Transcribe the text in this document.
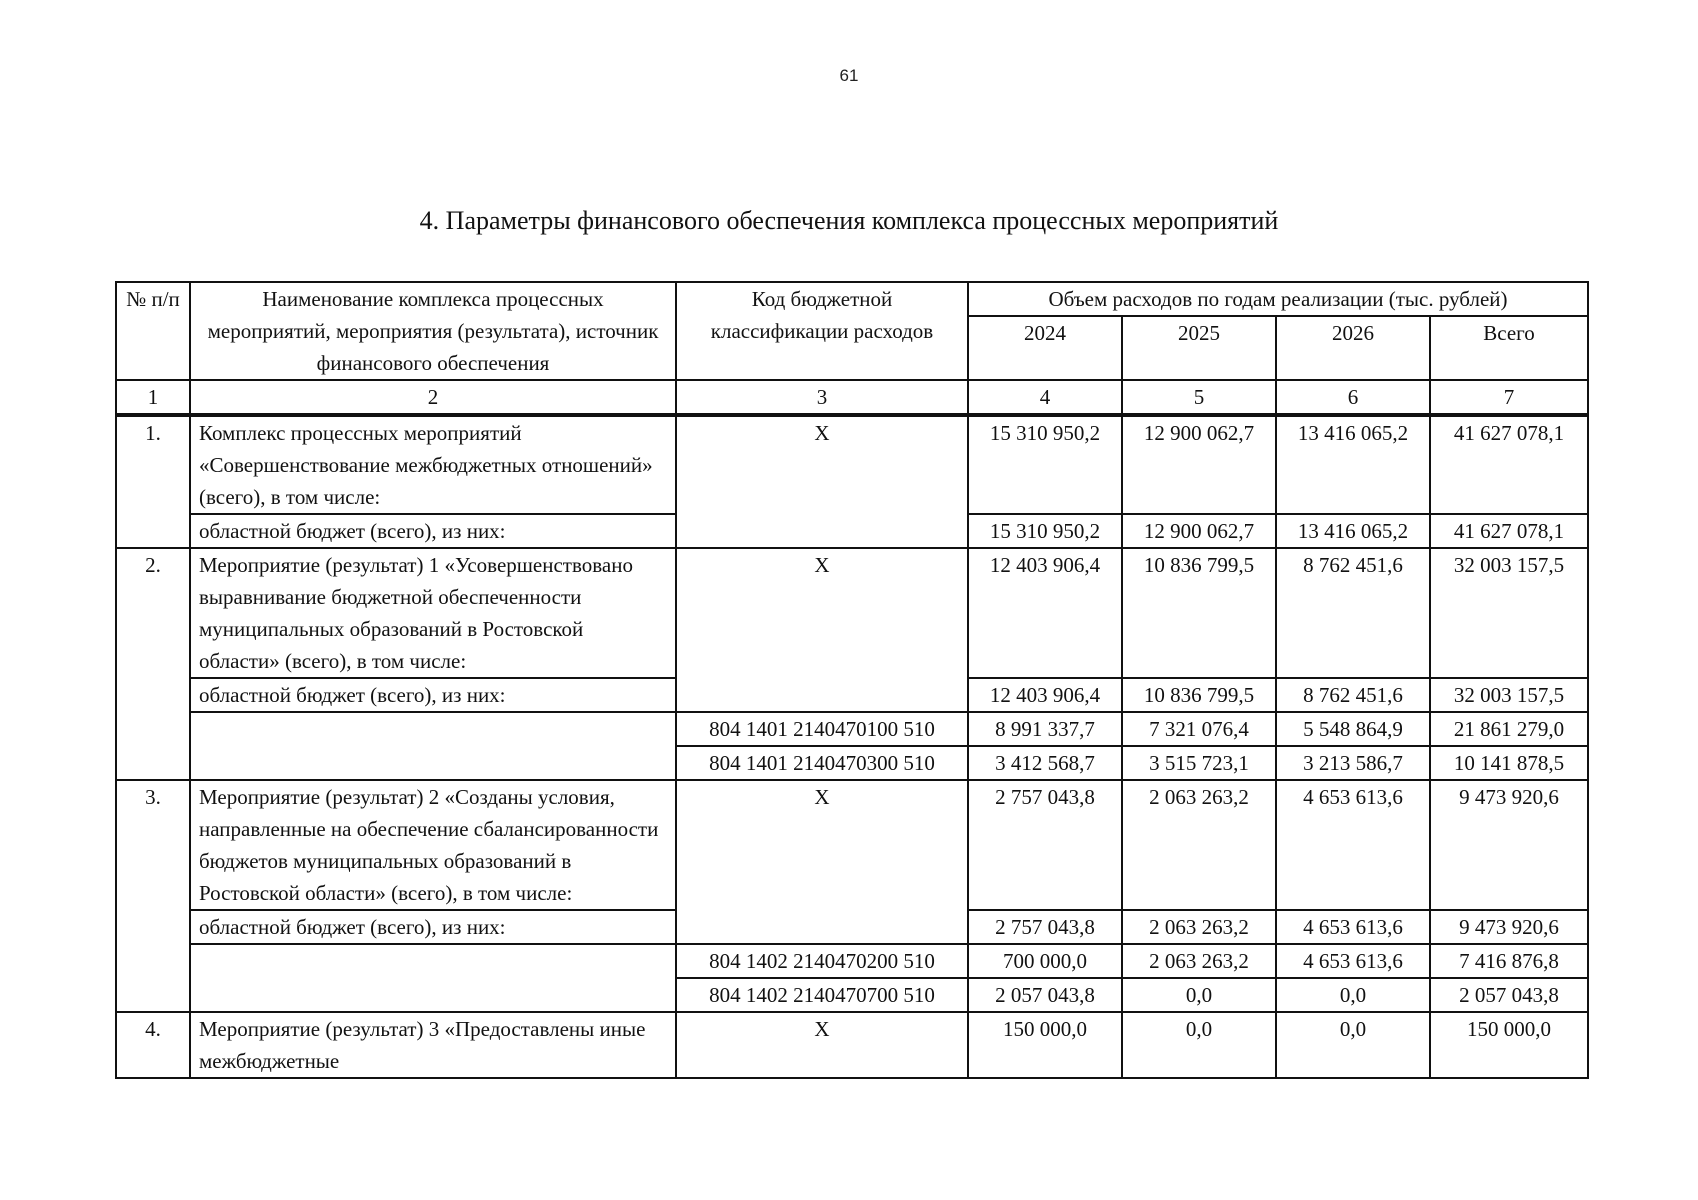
61
4. Параметры финансового обеспечения комплекса процессных мероприятий
№ п/п	Наименование комплекса процессных мероприятий, мероприятия (результата), источник финансового обеспечения	Код бюджетной классификации расходов	Объем расходов по годам реализации (тыс. рублей)			
			2024	2025	2026	Всего
1	2	3	4	5	6	7
1.	Комплекс процессных мероприятий «Совершенствование межбюджетных отношений» (всего), в том числе:	Х	15 310 950,2	12 900 062,7	13 416 065,2	41 627 078,1
	областной бюджет (всего), из них:		15 310 950,2	12 900 062,7	13 416 065,2	41 627 078,1
2.	Мероприятие (результат) 1 «Усовершенствовано выравнивание бюджетной обеспеченности муниципальных образований в Ростовской области» (всего), в том числе:	Х	12 403 906,4	10 836 799,5	8 762 451,6	32 003 157,5
	областной бюджет (всего), из них:		12 403 906,4	10 836 799,5	8 762 451,6	32 003 157,5
		804 1401 2140470100 510	8 991 337,7	7 321 076,4	5 548 864,9	21 861 279,0
		804 1401 2140470300 510	3 412 568,7	3 515 723,1	3 213 586,7	10 141 878,5
3.	Мероприятие (результат) 2 «Созданы условия, направленные на обеспечение сбалансированности бюджетов муниципальных образований в Ростовской области» (всего), в том числе:	Х	2 757 043,8	2 063 263,2	4 653 613,6	9 473 920,6
	областной бюджет (всего), из них:		2 757 043,8	2 063 263,2	4 653 613,6	9 473 920,6
		804 1402 2140470200 510	700 000,0	2 063 263,2	4 653 613,6	7 416 876,8
		804 1402 2140470700 510	2 057 043,8	0,0	0,0	2 057 043,8
4.	Мероприятие (результат) 3 «Предоставлены иные межбюджетные	Х	150 000,0	0,0	0,0	150 000,0
